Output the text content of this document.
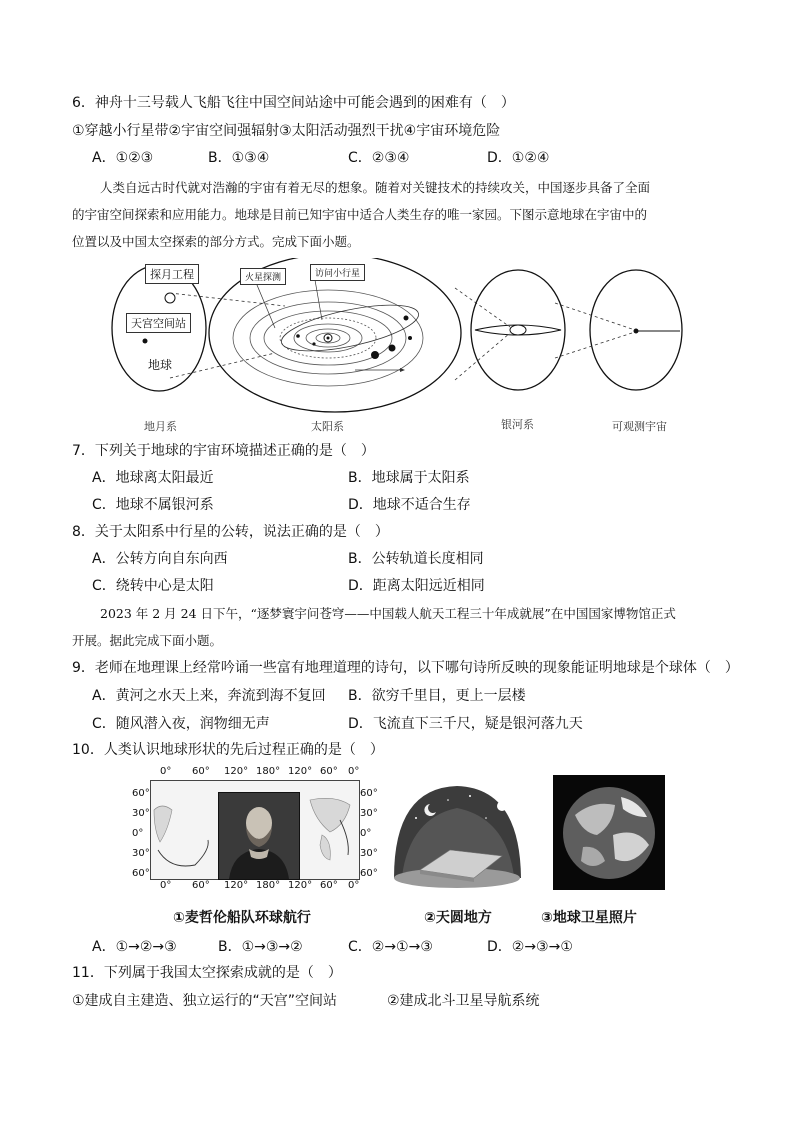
6．神舟十三号载人飞船飞往中国空间站途中可能会遇到的困难有（　）
①穿越小行星带②宇宙空间强辐射③太阳活动强烈干扰④宇宙环境危险
A．①②③	B．①③④	C．②③④	D．①②④
人类自远古时代就对浩瀚的宇宙有着无尽的想象。随着对关键技术的持续攻关，中国逐步具备了全面
的宇宙空间探索和应用能力。地球是目前已知宇宙中适合人类生存的唯一家园。下图示意地球在宇宙中的
位置以及中国太空探索的部分方式。完成下面小题。
探月工程
天宫空间站
地球
火星探测	访问小行星
地月系	太阳系	银河系	可观测宇宙
7．下列关于地球的宇宙环境描述正确的是（　）
A．地球离太阳最近	B．地球属于太阳系
C．地球不属银河系	D．地球不适合生存
8．关于太阳系中行星的公转，说法正确的是（　）
A．公转方向自东向西	B．公转轨道长度相同
C．绕转中心是太阳	D．距离太阳远近相同
2023 年 2 月 24 日下午，“逐梦寰宇问苍穹——中国载人航天工程三十年成就展”在中国国家博物馆正式
开展。据此完成下面小题。
9．老师在地理课上经常吟诵一些富有地理道理的诗句，以下哪句诗所反映的现象能证明地球是个球体（　）
A．黄河之水天上来，奔流到海不复回 B．欲穷千里目，更上一层楼
C．随风潜入夜，润物细无声	D．飞流直下三千尺，疑是银河落九天
10．人类认识地球形状的先后过程正确的是（　）
0° 60° 120° 180° 120° 60° 0°
0° 60° 120° 180° 120° 60° 0°
60°
30°
0°
30°
60°
60°
30°
0°
30°
60°
①麦哲伦船队环球航行	②天圆地方	③地球卫星照片
A．①→②→③	B．①→③→②	C．②→①→③	D．②→③→①
11．下列属于我国太空探索成就的是（　）
①建成自主建造、独立运行的“天宫”空间站	②建成北斗卫星导航系统
